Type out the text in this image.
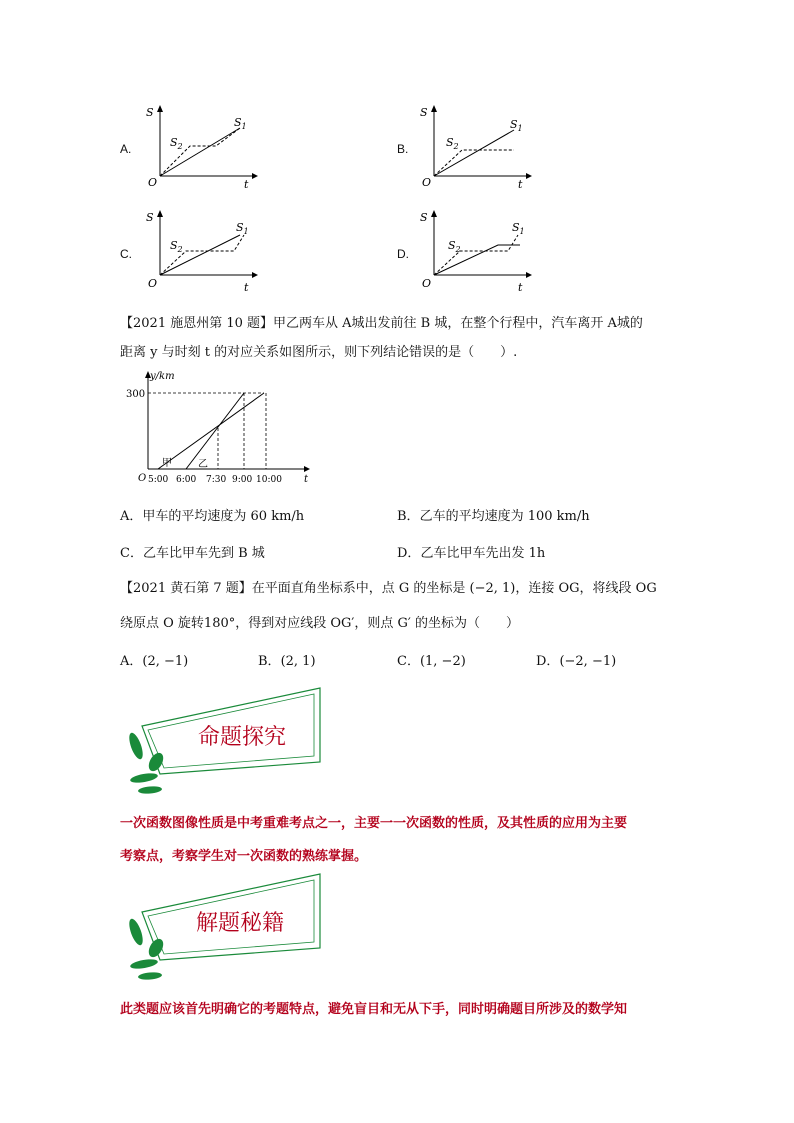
A.
S
t
O
$S_1$
$S_2$	B.
S
t
O
$S_1$
$S_2$
C.
S
t
O
$S_1$
$S_2$	D.
S
t
O
$S_1$
$S_2$
【2021 施恩州第 10 题】甲乙两车从 A城出发前往 B 城，在整个行程中，汽车离开 A城的
距离 y 与时刻 t 的对应关系如图所示，则下列结论错误的是（　　）.
y/km
t
O
300
甲	乙
5:00 6:00 7:30 9:00 10:00
A．甲车的平均速度为 60 km/h	B．乙车的平均速度为 100 km/h
C．乙车比甲车先到 B 城	D．乙车比甲车先出发 1h
【2021 黄石第 7 题】在平面直角坐标系中，点 G 的坐标是 (−2, 1)，连接 OG，将线段 OG
绕原点 O 旋转180°，得到对应线段 OG′，则点 G′ 的坐标为（　　）
A．(2, −1)	B．(2, 1)	C．(1, −2)	D．(−2, −1)
命题探究
一次函数图像性质是中考重难考点之一，主要一一次函数的性质，及其性质的应用为主要
考察点，考察学生对一次函数的熟练掌握。
解题秘籍
此类题应该首先明确它的考题特点，避免盲目和无从下手，同时明确题目所涉及的数学知
